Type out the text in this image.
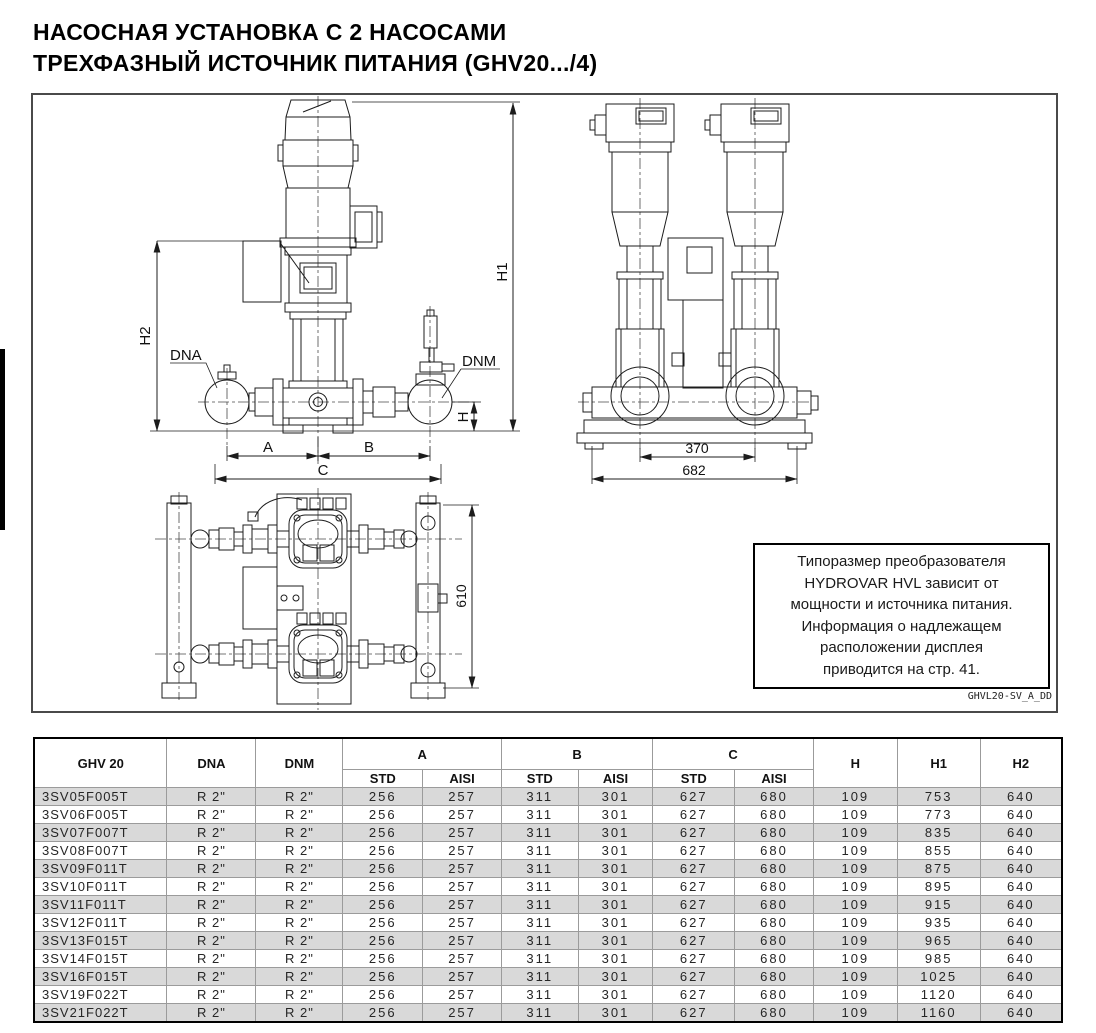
НАСОСНАЯ УСТАНОВКА С 2 НАСОСАМИ
ТРЕХФАЗНЫЙ ИСТОЧНИК ПИТАНИЯ (GHV20.../4)
H1
H2
H
A	B
C
DNA	DNM
370
682
610
Типоразмер преобразователя
HYDROVAR HVL зависит от
мощности и источника питания.
Информация о надлежащем
расположении дисплея
приводится на стр. 41.
GHVL20-SV_A_DD
GHV 20	DNA	DNM	A		B		C		H	H1	H2
			STD	AISI	STD	AISI	STD	AISI			
3SV05F005T	R 2"	R 2"	256	257	311	301	627	680	109	753	640
3SV06F005T	R 2"	R 2"	256	257	311	301	627	680	109	773	640
3SV07F007T	R 2"	R 2"	256	257	311	301	627	680	109	835	640
3SV08F007T	R 2"	R 2"	256	257	311	301	627	680	109	855	640
3SV09F011T	R 2"	R 2"	256	257	311	301	627	680	109	875	640
3SV10F011T	R 2"	R 2"	256	257	311	301	627	680	109	895	640
3SV11F011T	R 2"	R 2"	256	257	311	301	627	680	109	915	640
3SV12F011T	R 2"	R 2"	256	257	311	301	627	680	109	935	640
3SV13F015T	R 2"	R 2"	256	257	311	301	627	680	109	965	640
3SV14F015T	R 2"	R 2"	256	257	311	301	627	680	109	985	640
3SV16F015T	R 2"	R 2"	256	257	311	301	627	680	109	1025	640
3SV19F022T	R 2"	R 2"	256	257	311	301	627	680	109	1120	640
3SV21F022T	R 2"	R 2"	256	257	311	301	627	680	109	1160	640
